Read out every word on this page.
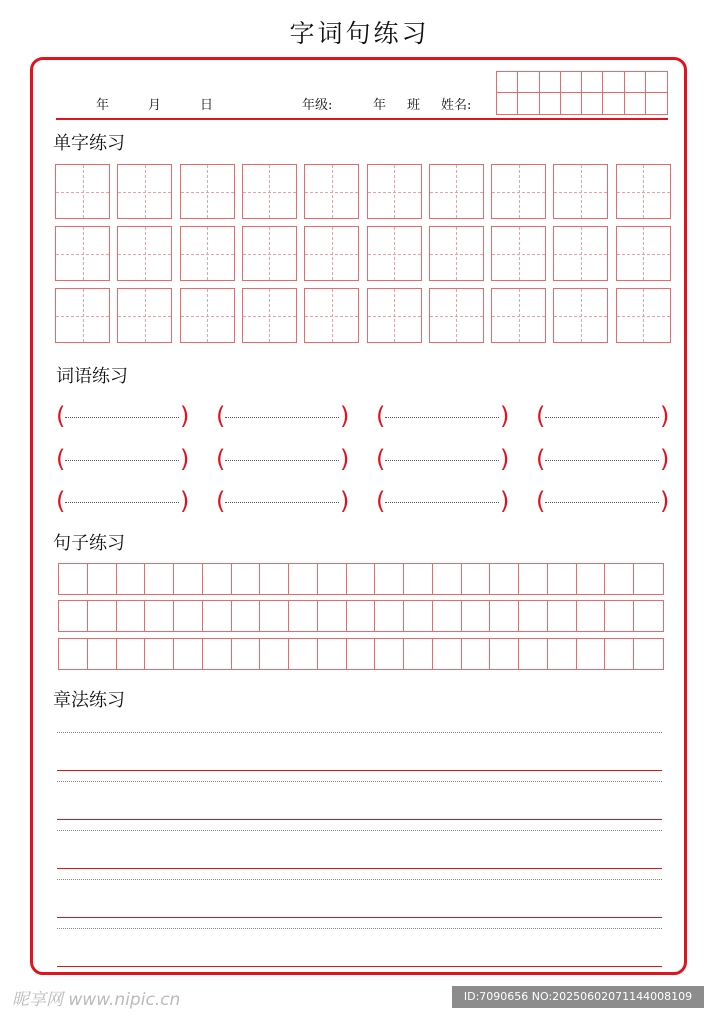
字词句练习
年	月	日	年级:	年 班 姓名:
单字练习
词语练习
(	) (	) (	) (	)
(	) (	) (	) (	)
(	) (	) (	) (	)
句子练习
章法练习
昵享网 www.nipic.cn	ID:7090656 NO:20250602071144008109
